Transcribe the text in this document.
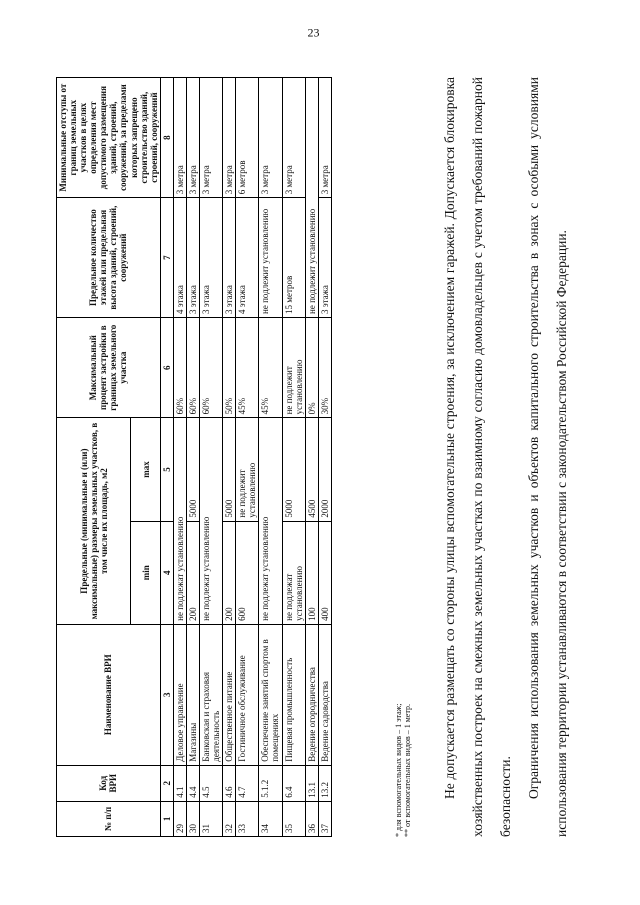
23
№ п/п	Код ВРИ	Наименование ВРИ	Предельные (минимальные и (или) максимальные) размеры земельных участков, в том числе их площадь, м2		Максимальный процент застройки в границах земельного участка	Предельное количество этажей или предельная высота зданий, строений, сооружений	Минимальные отступы от границ земельных участков в целях определения мест допустимого размещения зданий, строений, сооружений, за пределами которых запрещено строительство зданий, строений, сооружений
			min	max			
1	2	3	4	5	6	7	8
29	4.1	Деловое управление	не подлежат установлению		60%	4 этажа	3 метра
30	4.4	Магазины	200	5000	60%	3 этажа	3 метра
31	4.5	Банковская и страховая деятельность	не подлежат установлению		60%	3 этажа	3 метра
32	4.6	Общественное питание	200	5000	50%	3 этажа	3 метра
33	4.7	Гостиничное обслуживание	600	не подлежит установлению	45%	4 этажа	6 метров
34	5.1.2	Обеспечение занятий спортом в помещениях	не подлежат установлению		45%	не подлежит установлению	3 метра
35	6.4	Пищевая промышленность	не подлежат установлению	5000	не подлежит установлению	15 метров	3 метра
36	13.1	Ведение огородничества	100	4500	0%	не подлежит установлению	
37	13.2	Ведение садоводства	400	2000	30%	3 этажа	3 метра
* для вспомогательных видов – 1 этаж; ** от вспомогательных видов – 1 метр.	Не допускается размещать со стороны улицы вспомогательные строения, за исключением гаражей. Допускается блокировка хозяйственных построек на смежных земельных участках по взаимному согласию домовладельцев с учетом требований пожарной безопасности. Ограничения использования земельных участков и объектов капитального строительства в зонах с особыми условиями использования территории устанавливаются в соответствии с законодательством Российской Федерации.
